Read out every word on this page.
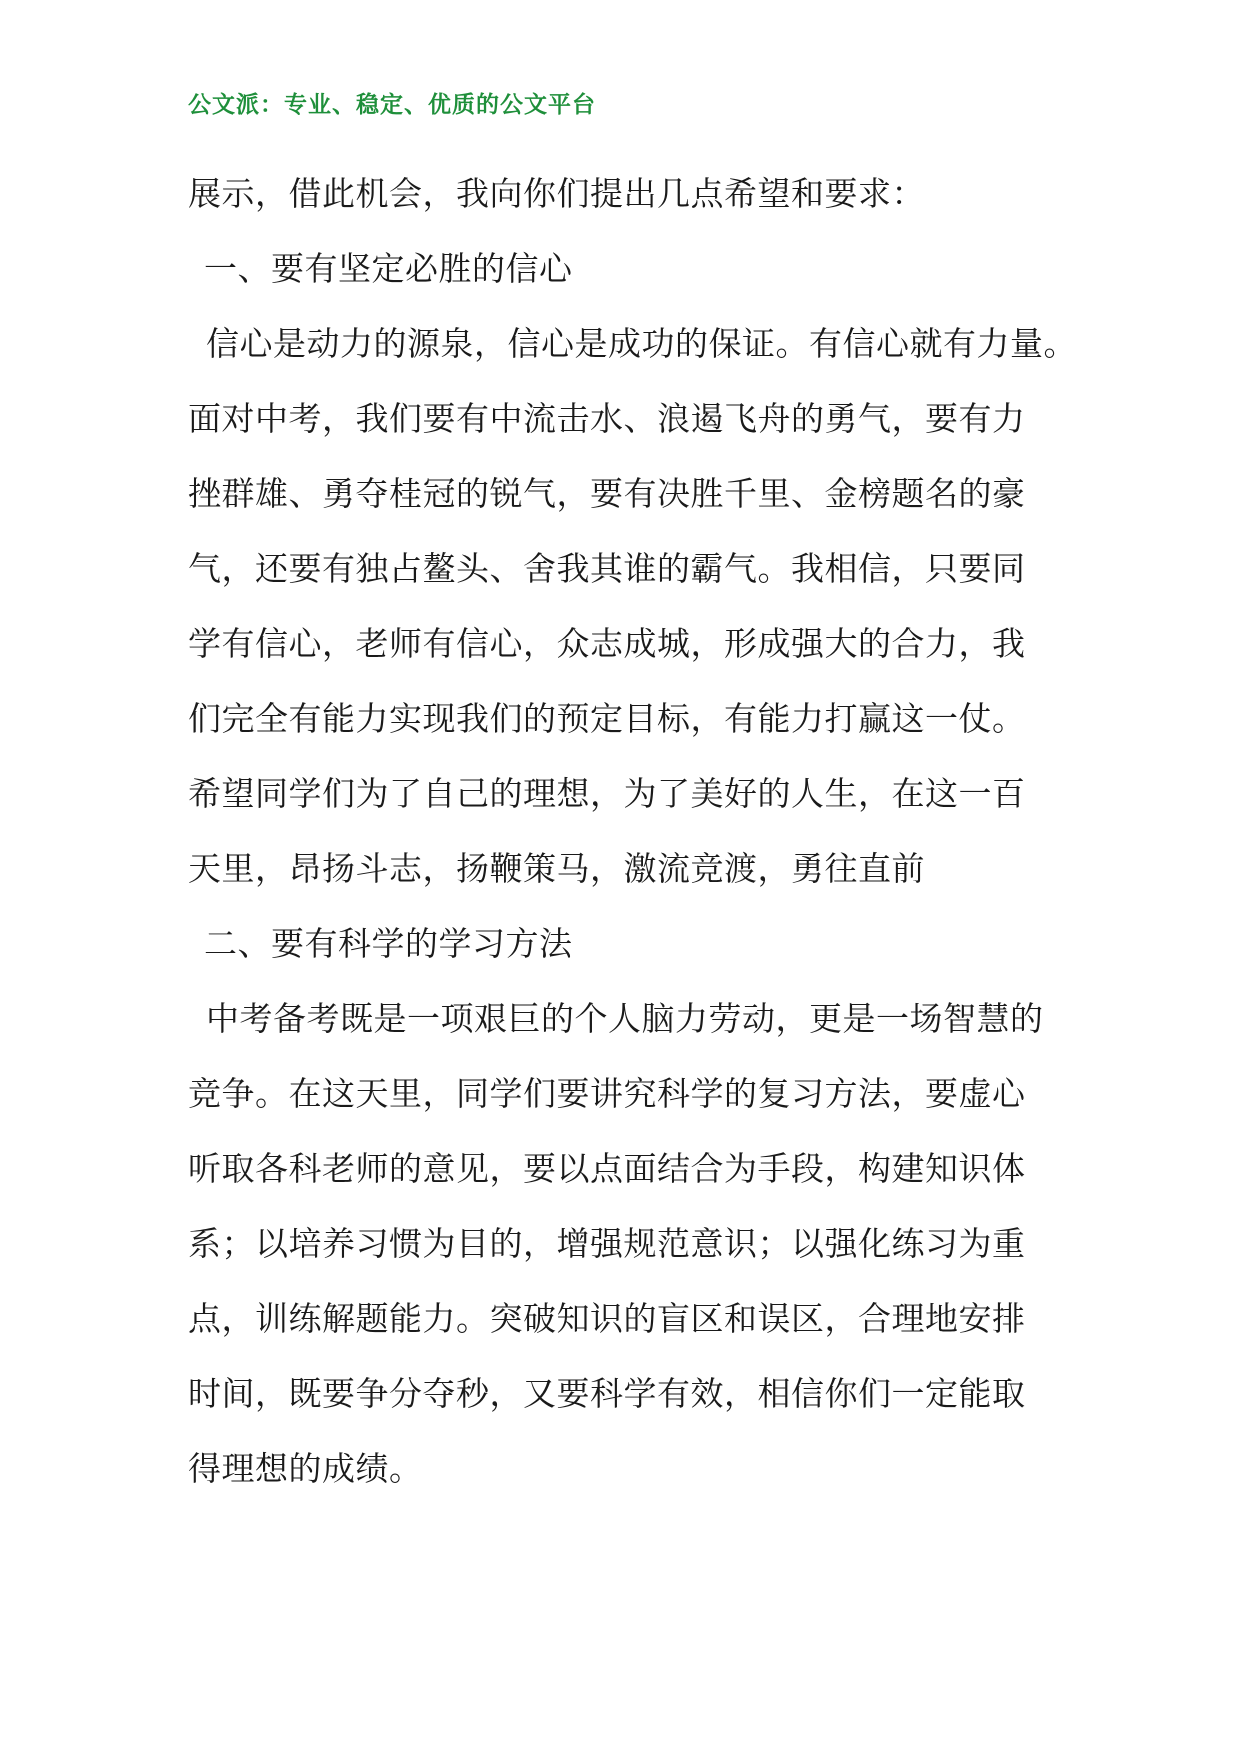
公文派：专业、稳定、优质的公文平台
展示，借此机会，我向你们提出几点希望和要求：
一、要有坚定必胜的信心
信心是动力的源泉，信心是成功的保证。有信心就有力量。
面对中考，我们要有中流击水、浪遏飞舟的勇气，要有力
挫群雄、勇夺桂冠的锐气，要有决胜千里、金榜题名的豪
气，还要有独占鳌头、舍我其谁的霸气。我相信，只要同
学有信心，老师有信心，众志成城，形成强大的合力，我
们完全有能力实现我们的预定目标，有能力打赢这一仗。
希望同学们为了自己的理想，为了美好的人生，在这一百
天里，昂扬斗志，扬鞭策马，激流竞渡，勇往直前
二、要有科学的学习方法
中考备考既是一项艰巨的个人脑力劳动，更是一场智慧的
竞争。在这天里，同学们要讲究科学的复习方法，要虚心
听取各科老师的意见，要以点面结合为手段，构建知识体
系；以培养习惯为目的，增强规范意识；以强化练习为重
点，训练解题能力。突破知识的盲区和误区，合理地安排
时间，既要争分夺秒，又要科学有效，相信你们一定能取
得理想的成绩。
